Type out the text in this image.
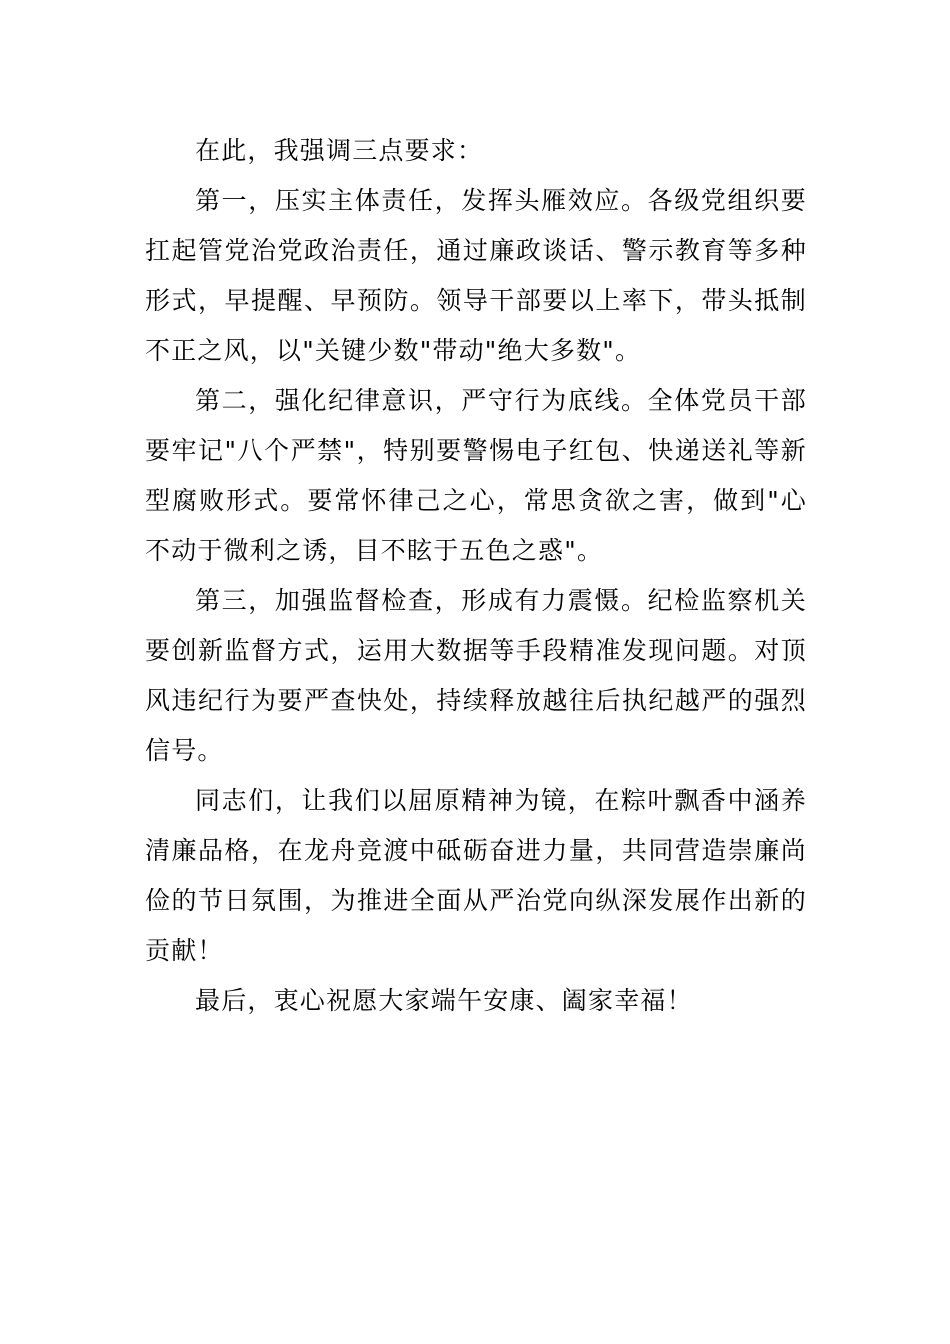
在此，我强调三点要求：

第一，压实主体责任，发挥头雁效应。各级党组织要扛起管党治党政治责任，通过廉政谈话、警示教育等多种形式，早提醒、早预防。领导干部要以上率下，带头抵制不正之风，以"关键少数"带动"绝大多数"。

第二，强化纪律意识，严守行为底线。全体党员干部要牢记"八个严禁"，特别要警惕电子红包、快递送礼等新型腐败形式。要常怀律己之心，常思贪欲之害，做到"心不动于微利之诱，目不眩于五色之惑"。

第三，加强监督检查，形成有力震慑。纪检监察机关要创新监督方式，运用大数据等手段精准发现问题。对顶风违纪行为要严查快处，持续释放越往后执纪越严的强烈信号。

同志们，让我们以屈原精神为镜，在粽叶飘香中涵养清廉品格，在龙舟竞渡中砥砺奋进力量，共同营造崇廉尚俭的节日氛围，为推进全面从严治党向纵深发展作出新的贡献！

最后，衷心祝愿大家端午安康、阖家幸福！
